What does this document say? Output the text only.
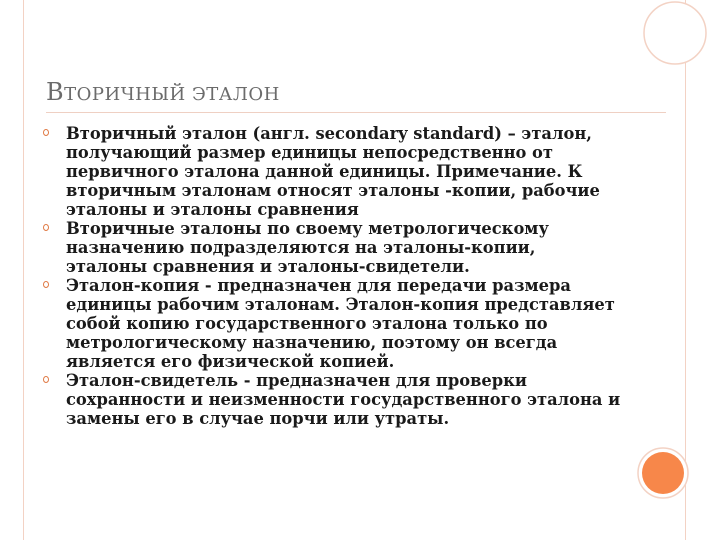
ВТОРИЧНЫЙ ЭТАЛОН
Вторичный эталон (англ. secondary standard) – эталон, получающий размер единицы непосредственно от первичного эталона данной единицы. Примечание. К вторичным эталонам относят эталоны -копии, рабочие эталоны и эталоны сравнения
Вторичные эталоны по своему метрологическому назначению подразделяются на эталоны-копии, эталоны сравнения и эталоны-свидетели.
Эталон-копия - предназначен для передачи размера единицы рабочим эталонам. Эталон-копия представляет собой копию государственного эталона только по метрологическому назначению, поэтому он всегда является его физической копией.
Эталон-свидетель - предназначен для проверки сохранности и неизменности государственного эталона и замены его в случае порчи или утраты.
